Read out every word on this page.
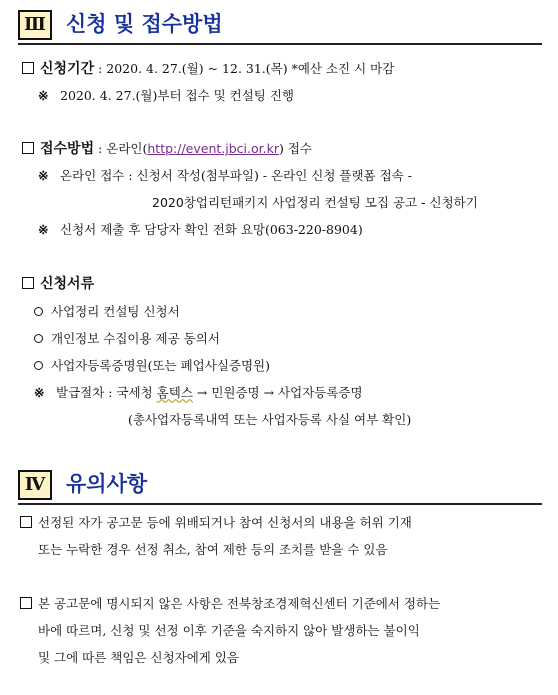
Ⅲ 신청 및 접수방법
신청기간 : 2020. 4. 27.(월) ~ 12. 31.(목) *예산 소진 시 마감
※ 2020. 4. 27.(월)부터 접수 및 컨설팅 진행
접수방법 : 온라인(http://event.jbci.or.kr) 접수
※ 온라인 접수 : 신청서 작성(첨부파일) - 온라인 신청 플랫폼 접속 -
2020창업리턴패키지 사업정리 컨설팅 모집 공고 - 신청하기
※ 신청서 제출 후 담당자 확인 전화 요망(063-220-8904)
신청서류
사업정리 컨설팅 신청서
개인정보 수집이용 제공 동의서
사업자등록증명원(또는 폐업사실증명원)
※ 발급절차 : 국세청 홈텍스 → 민원증명 → 사업자등록증명
(총사업자등록내역 또는 사업자등록 사실 여부 확인)
Ⅳ 유의사항
선정된 자가 공고문 등에 위배되거나 참여 신청서의 내용을 허위 기재
또는 누락한 경우 선정 취소, 참여 제한 등의 조치를 받을 수 있음
본 공고문에 명시되지 않은 사항은 전북창조경제혁신센터 기준에서 정하는
바에 따르며, 신청 및 선정 이후 기준을 숙지하지 않아 발생하는 불이익
및 그에 따른 책임은 신청자에게 있음
